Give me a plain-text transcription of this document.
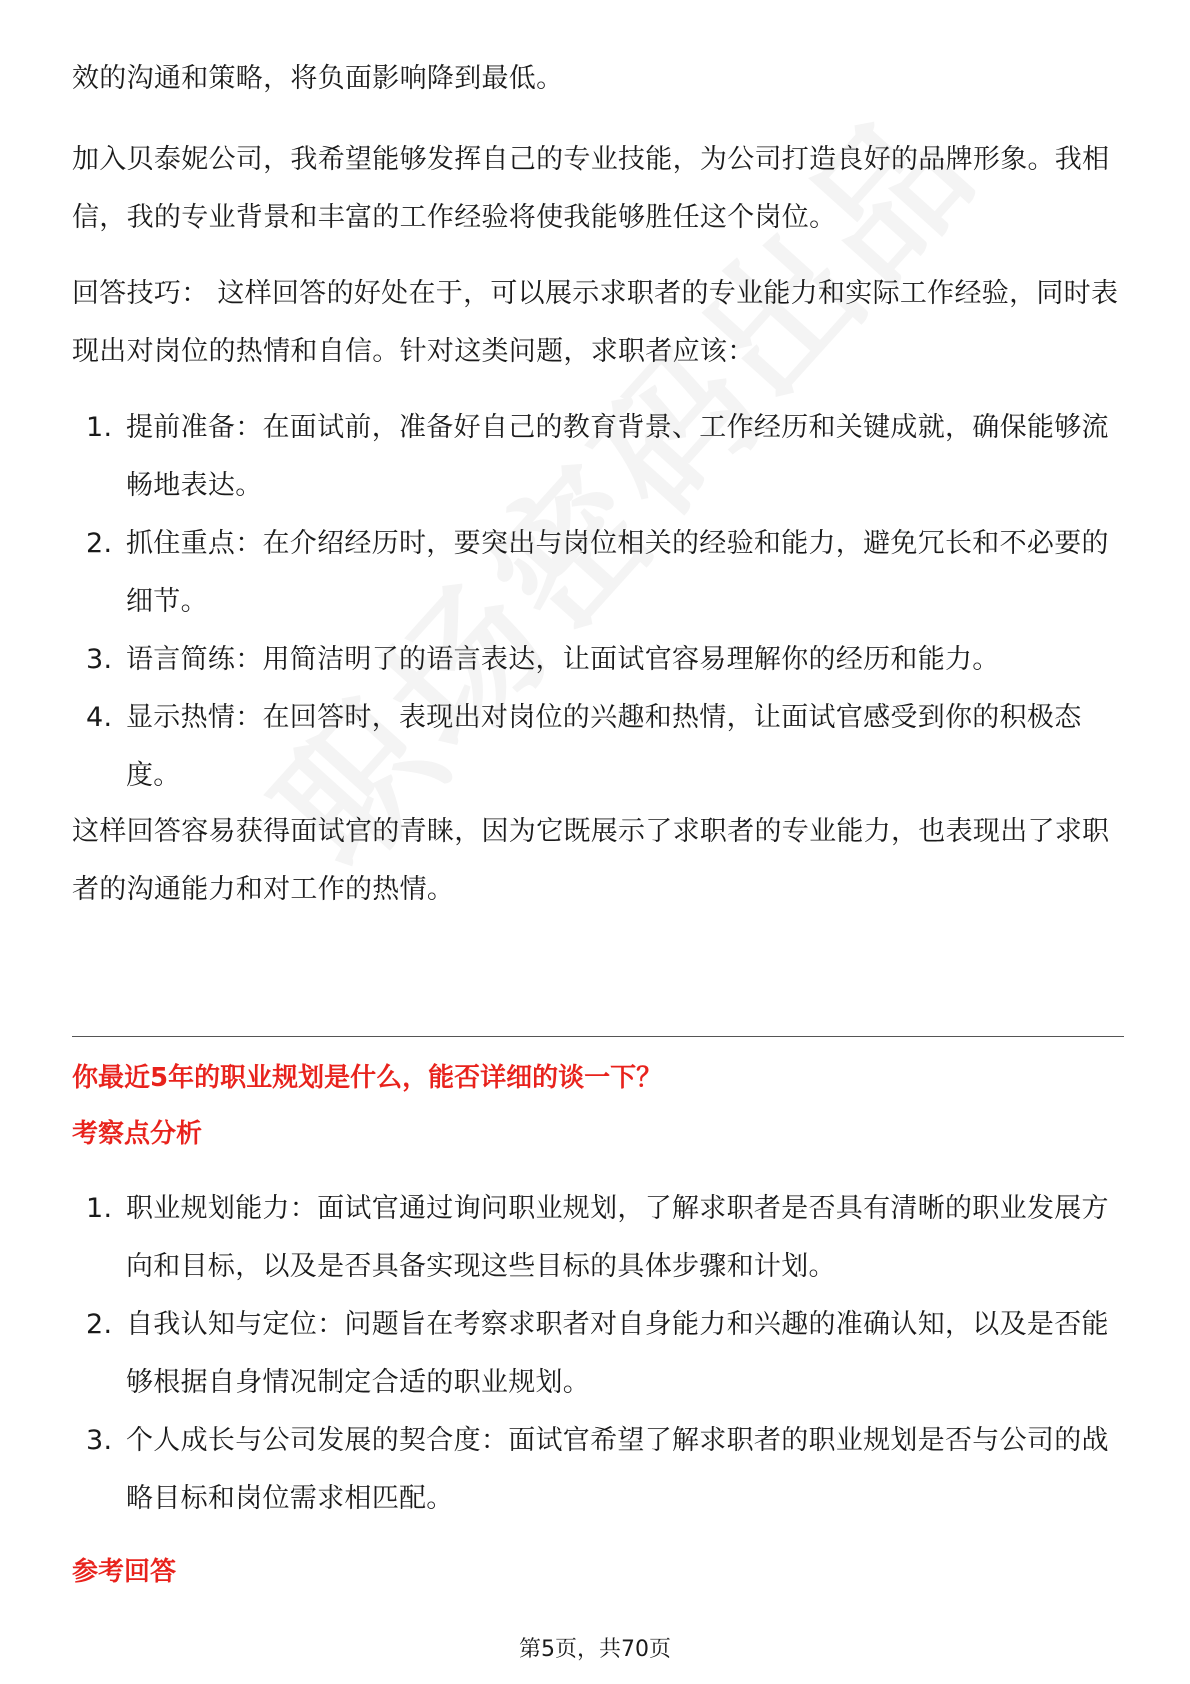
效的沟通和策略，将负面影响降到最低。

加入贝泰妮公司，我希望能够发挥自己的专业技能，为公司打造良好的品牌形象。我相信，我的专业背景和丰富的工作经验将使我能够胜任这个岗位。

回答技巧： 这样回答的好处在于，可以展示求职者的专业能力和实际工作经验，同时表现出对岗位的热情和自信。针对这类问题，求职者应该：

1. 提前准备：在面试前，准备好自己的教育背景、工作经历和关键成就，确保能够流畅地表达。
2. 抓住重点：在介绍经历时，要突出与岗位相关的经验和能力，避免冗长和不必要的细节。
3. 语言简练：用简洁明了的语言表达，让面试官容易理解你的经历和能力。
4. 显示热情：在回答时，表现出对岗位的兴趣和热情，让面试官感受到你的积极态度。

这样回答容易获得面试官的青睐，因为它既展示了求职者的专业能力，也表现出了求职者的沟通能力和对工作的热情。

你最近5年的职业规划是什么，能否详细的谈一下？
考察点分析
1. 职业规划能力：面试官通过询问职业规划，了解求职者是否具有清晰的职业发展方向和目标，以及是否具备实现这些目标的具体步骤和计划。
2. 自我认知与定位：问题旨在考察求职者对自身能力和兴趣的准确认知，以及是否能够根据自身情况制定合适的职业规划。
3. 个人成长与公司发展的契合度：面试官希望了解求职者的职业规划是否与公司的战略目标和岗位需求相匹配。
参考回答
第5页，共70页
